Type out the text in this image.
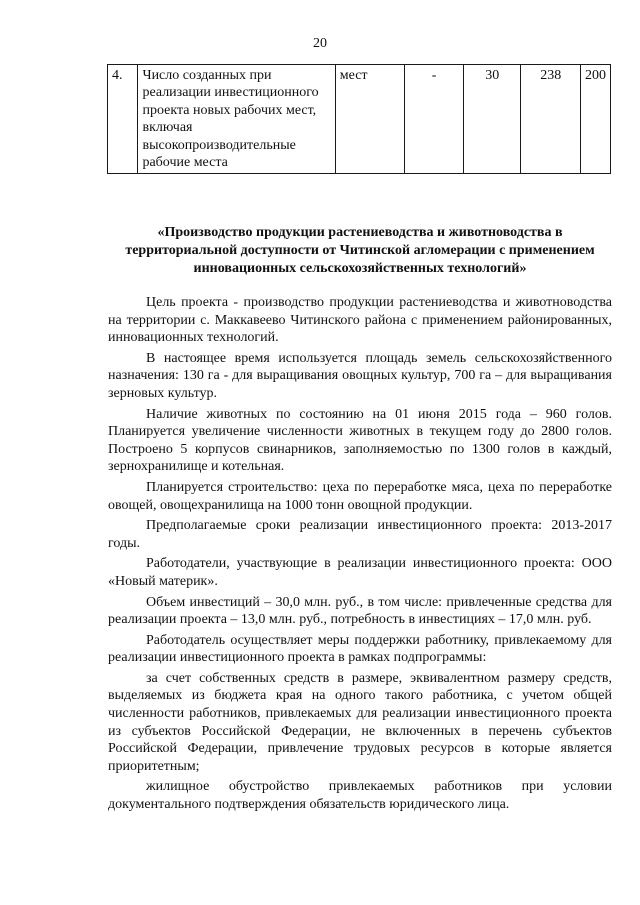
20
4.	Число созданных при реализации инвестиционного проекта новых рабочих мест, включая высокопроизводительные рабочие места	мест	-	30	238	200
«Производство продукции растениеводства и животноводства в территориальной доступности от Читинской агломерации с применением инновационных сельскохозяйственных технологий»

Цель проекта - производство продукции растениеводства и животноводства на территории с. Маккавеево Читинского района с применением районированных, инновационных технологий.

В настоящее время используется площадь земель сельскохозяйственного назначения: 130 га - для выращивания овощных культур, 700 га – для выращивания зерновых культур.

Наличие животных по состоянию на 01 июня 2015 года – 960 голов. Планируется увеличение численности животных в текущем году до 2800 голов. Построено 5 корпусов свинарников, заполняемостью по 1300 голов в каждый, зернохранилище и котельная.

Планируется строительство: цеха по переработке мяса, цеха по переработке овощей, овощехранилища на 1000 тонн овощной продукции.

Предполагаемые сроки реализации инвестиционного проекта: 2013-2017 годы.

Работодатели, участвующие в реализации инвестиционного проекта: ООО «Новый материк».

Объем инвестиций – 30,0 млн. руб., в том числе: привлеченные средства для реализации проекта – 13,0 млн. руб., потребность в инвестициях – 17,0 млн. руб.

Работодатель осуществляет меры поддержки работнику, привлекаемому для реализации инвестиционного проекта в рамках подпрограммы:

за счет собственных средств в размере, эквивалентном размеру средств, выделяемых из бюджета края на одного такого работника, с учетом общей численности работников, привлекаемых для реализации инвестиционного проекта из субъектов Российской Федерации, не включенных в перечень субъектов Российской Федерации, привлечение трудовых ресурсов в которые является приоритетным;

жилищное обустройство привлекаемых работников при условии документального подтверждения обязательств юридического лица.
